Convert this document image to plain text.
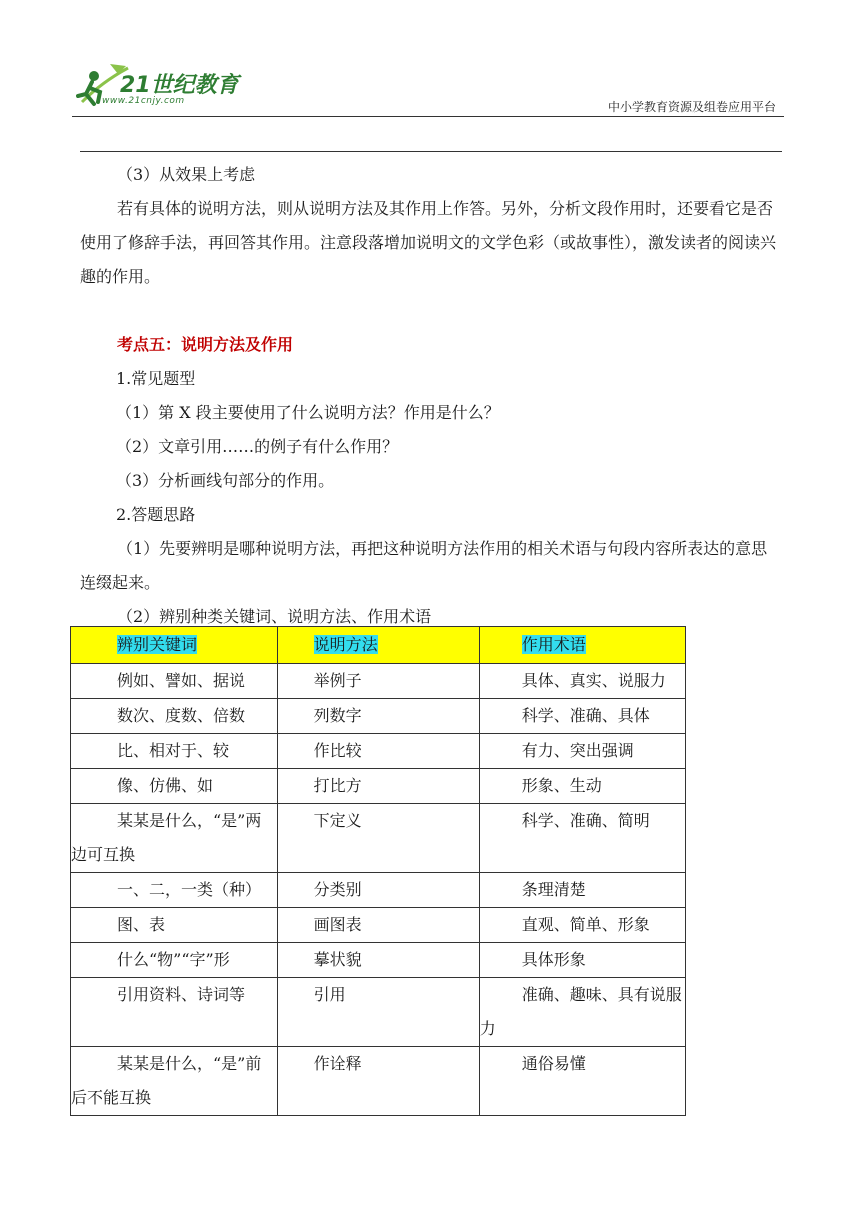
21世纪教育
www.21cnjy.com	中小学教育资源及组卷应用平台

（3）从效果上考虑

若有具体的说明方法，则从说明方法及其作用上作答。另外，分析文段作用时，还要看它是否使用了修辞手法，再回答其作用。注意段落增加说明文的文学色彩（或故事性），激发读者的阅读兴趣的作用。

考点五：说明方法及作用

1.常见题型

（1）第 X 段主要使用了什么说明方法？作用是什么？

（2）文章引用……的例子有什么作用？

（3）分析画线句部分的作用。

2.答题思路

（1）先要辨明是哪种说明方法，再把这种说明方法作用的相关术语与句段内容所表达的意思连缀起来。

（2）辨别种类关键词、说明方法、作用术语

辨别关键词	说明方法	作用术语

例如、譬如、据说	举例子	具体、真实、说服力

数次、度数、倍数	列数字	科学、准确、具体

比、相对于、较	作比较	有力、突出强调

像、仿佛、如	打比方	形象、生动

某某是什么，“是”两边可互换	下定义	科学、准确、简明

一、二，一类（种）	分类别	条理清楚

图、表	画图表	直观、简单、形象

什么“物”“字”形	摹状貌	具体形象

引用资料、诗词等	引用	准确、趣味、具有说服力

某某是什么，“是”前后不能互换	作诠释	通俗易懂
